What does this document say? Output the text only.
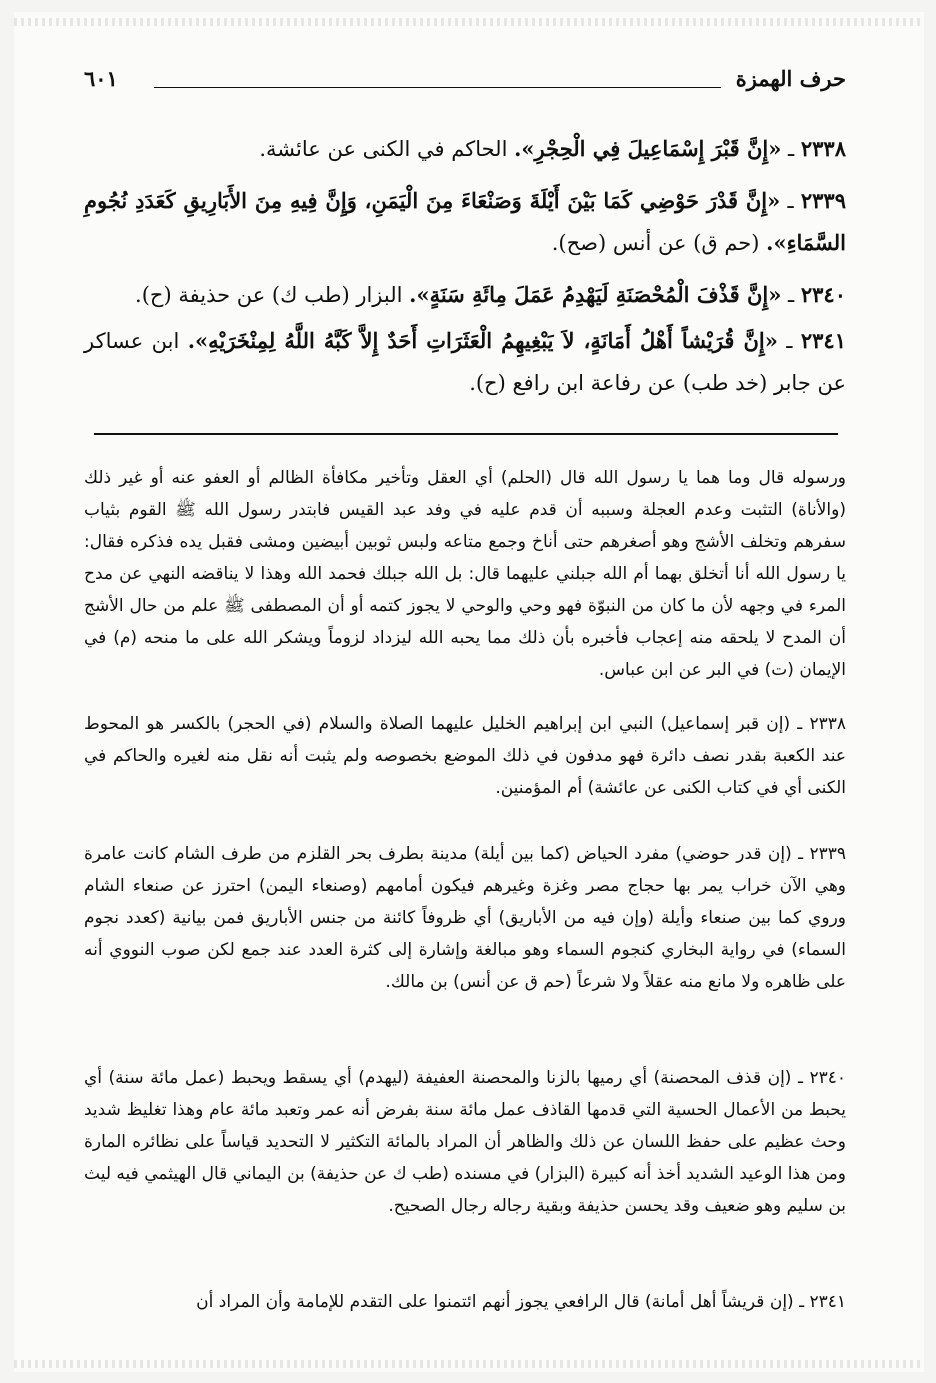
حرف الهمزة
٦٠١
٢٣٣٨ ـ «إِنَّ قَبْرَ إِسْمَاعِيلَ فِي الْحِجْرِ». الحاكم في الكنى عن عائشة.
٢٣٣٩ ـ «إِنَّ قَدْرَ حَوْضِي كَمَا بَيْنَ أَيْلَةَ وَصَنْعَاءَ مِنَ الْيَمَنِ، وَإِنَّ فِيهِ مِنَ الأَبَارِيقِ كَعَدَدِ نُجُومِ السَّمَاءِ». (حم ق) عن أنس (صح).
٢٣٤٠ ـ «إِنَّ قَذْفَ الْمُحْصَنَةِ لَيَهْدِمُ عَمَلَ مِائَةِ سَنَةٍ». البزار (طب ك) عن حذيفة (ح).
٢٣٤١ ـ «إِنَّ قُرَيْشاً أَهْلُ أَمَانَةٍ، لاَ يَبْغِيهِمُ الْعَثَرَاتِ أَحَدٌ إِلاَّ كَبَّهُ اللَّهُ لِمِنْخَرَيْهِ». ابن عساكر عن جابر (خد طب) عن رفاعة ابن رافع (ح).
ورسوله قال وما هما يا رسول الله قال (الحلم) أي العقل وتأخير مكافأة الظالم أو العفو عنه أو غير ذلك (والأناة) التثبت وعدم العجلة وسببه أن قدم عليه في وفد عبد القيس فابتدر رسول الله ﷺ القوم بثياب سفرهم وتخلف الأشج وهو أصغرهم حتى أناخ وجمع متاعه ولبس ثوبين أبيضين ومشى فقبل يده فذكره فقال: يا رسول الله أنا أتخلق بهما أم الله جبلني عليهما قال: بل الله جبلك فحمد الله وهذا لا يناقضه النهي عن مدح المرء في وجهه لأن ما كان من النبوّة فهو وحي والوحي لا يجوز كتمه أو أن المصطفى ﷺ علم من حال الأشج أن المدح لا يلحقه منه إعجاب فأخبره بأن ذلك مما يحبه الله ليزداد لزوماً ويشكر الله على ما منحه (م) في الإيمان (ت) في البر عن ابن عباس.
٢٣٣٨ ـ (إن قبر إسماعيل) النبي ابن إبراهيم الخليل عليهما الصلاة والسلام (في الحجر) بالكسر هو المحوط عند الكعبة بقدر نصف دائرة فهو مدفون في ذلك الموضع بخصوصه ولم يثبت أنه نقل منه لغيره والحاكم في الكنى أي في كتاب الكنى عن عائشة) أم المؤمنين.
٢٣٣٩ ـ (إن قدر حوضي) مفرد الحياض (كما بين أيلة) مدينة بطرف بحر القلزم من طرف الشام كانت عامرة وهي الآن خراب يمر بها حجاج مصر وغزة وغيرهم فيكون أمامهم (وصنعاء اليمن) احترز عن صنعاء الشام وروي كما بين صنعاء وأيلة (وإن فيه من الأباريق) أي ظروفاً كائنة من جنس الأباريق فمن بيانية (كعدد نجوم السماء) في رواية البخاري كنجوم السماء وهو مبالغة وإشارة إلى كثرة العدد عند جمع لكن صوب النووي أنه على ظاهره ولا مانع منه عقلاً ولا شرعاً (حم ق عن أنس) بن مالك.
٢٣٤٠ ـ (إن قذف المحصنة) أي رميها بالزنا والمحصنة العفيفة (ليهدم) أي يسقط ويحبط (عمل مائة سنة) أي يحبط من الأعمال الحسية التي قدمها القاذف عمل مائة سنة بفرض أنه عمر وتعبد مائة عام وهذا تغليظ شديد وحث عظيم على حفظ اللسان عن ذلك والظاهر أن المراد بالمائة التكثير لا التحديد قياساً على نظائره المارة ومن هذا الوعيد الشديد أخذ أنه كبيرة (البزار) في مسنده (طب ك عن حذيفة) بن اليماني قال الهيثمي فيه ليث بن سليم وهو ضعيف وقد يحسن حذيفة وبقية رجاله رجال الصحيح.
٢٣٤١ ـ (إن قريشاً أهل أمانة) قال الرافعي يجوز أنهم ائتمنوا على التقدم للإمامة وأن المراد أن
